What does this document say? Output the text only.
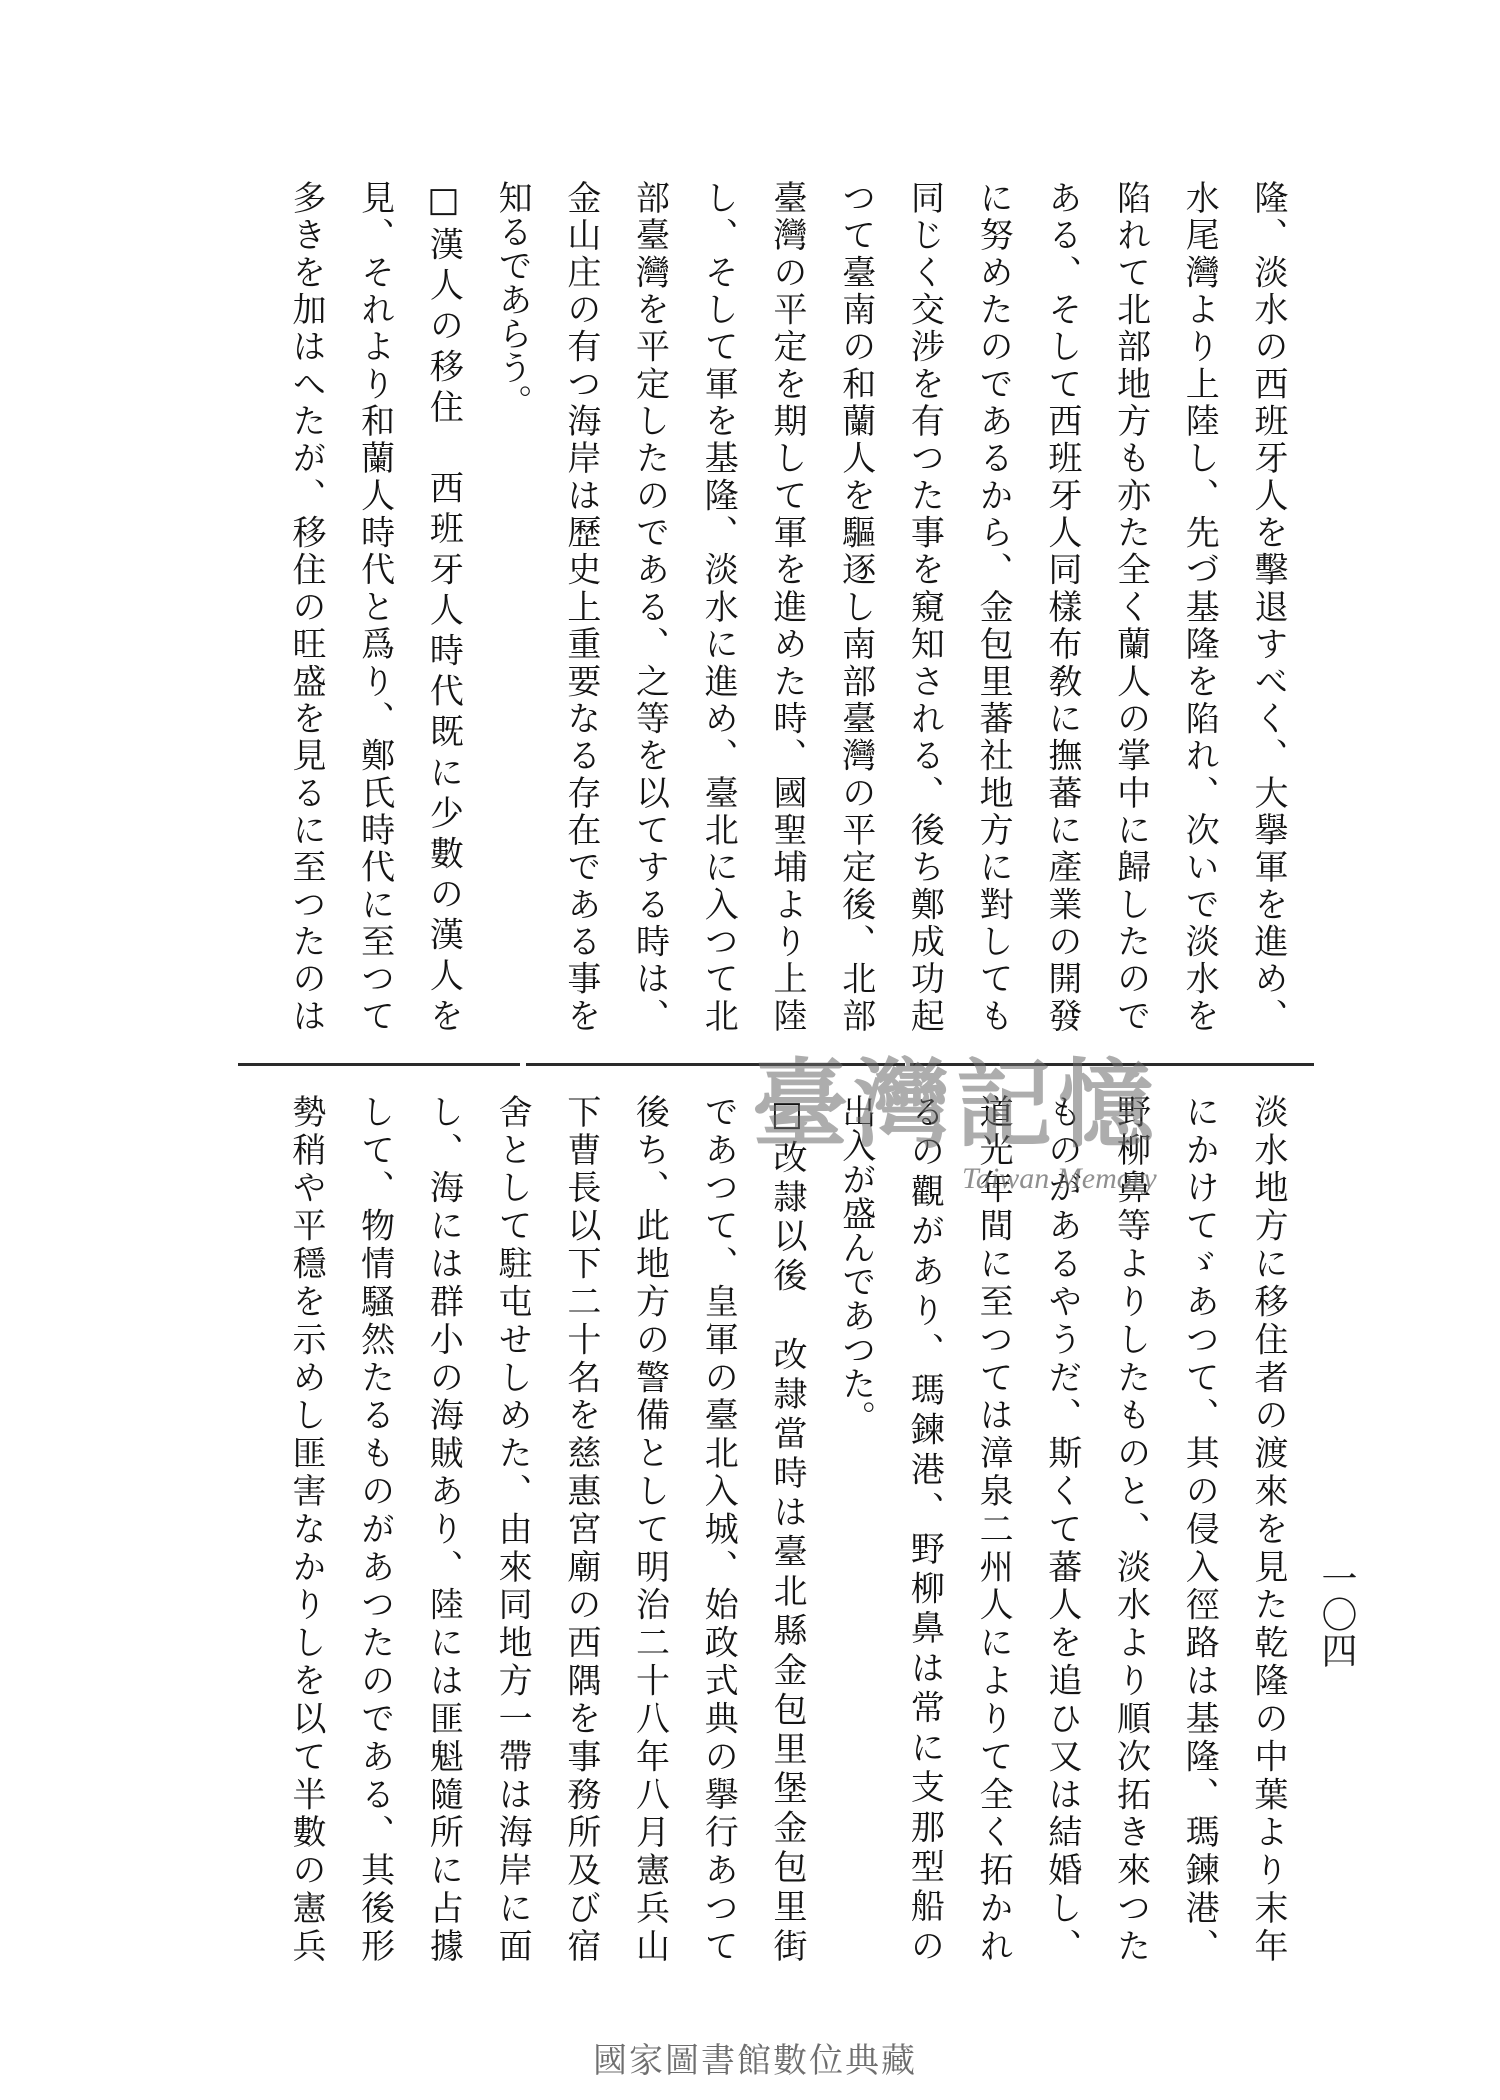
隆、淡水の西班牙人を擊退すべく、大擧軍を進め、
水尾灣より上陸し、先づ基隆を陷れ、次いで淡水を
陷れて北部地方も亦た全く蘭人の掌中に歸したので
ある、そして西班牙人同樣布敎に撫蕃に產業の開發
に努めたのであるから、金包里蕃社地方に對しても
同じく交涉を有つた事を窺知される、後ち鄭成功起
つて臺南の和蘭人を驅逐し南部臺灣の平定後、北部
臺灣の平定を期して軍を進めた時、國聖埔より上陸
し、そして軍を基隆、淡水に進め、臺北に入つて北
部臺灣を平定したのである、之等を以てする時は、
金山庄の有つ海岸は歷史上重要なる存在である事を
知るであらう。
□漢人の移住　西班牙人時代既に少數の漢人を
見、それより和蘭人時代と爲り、鄭氏時代に至つて
多きを加はへたが、移住の旺盛を見るに至つたのは
淡水地方に移住者の渡來を見た乾隆の中葉より末年
にかけてゞあつて、其の侵入徑路は基隆、瑪鍊港、
野柳鼻等よりしたものと、淡水より順次拓き來つた
ものがあるやうだ、斯くて蕃人を追ひ又は結婚し、
道光年間に至つては漳泉二州人によりて全く拓かれ
るの觀があり、瑪鍊港、野柳鼻は常に支那型船の
出入が盛んであつた。
□改隷以後　改隷當時は臺北縣金包里堡金包里街
であつて、皇軍の臺北入城、始政式典の擧行あつて
後ち、此地方の警備として明治二十八年八月憲兵山
下曹長以下二十名を慈惠宮廟の西隅を事務所及び宿
舍として駐屯せしめた、由來同地方一帶は海岸に面
し、海には群小の海賊あり、陸には匪魁隨所に占據
して、物情騷然たるものがあつたのである、其後形
勢稍や平穩を示めし匪害なかりしを以て半數の憲兵	一〇四
臺灣記憶
Taiwan Memory
國家圖書館數位典藏
